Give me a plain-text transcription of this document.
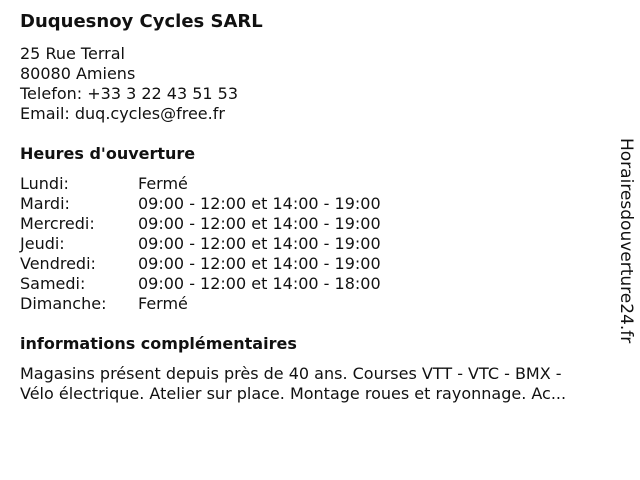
Duquesnoy Cycles SARL
25 Rue Terral
80080 Amiens
Telefon: +33 3 22 43 51 53
Email: duq.cycles@free.fr
Heures d'ouverture
Lundi:	Fermé
Mardi:	09:00 - 12:00 et 14:00 - 19:00
Mercredi:	09:00 - 12:00 et 14:00 - 19:00
Jeudi:	09:00 - 12:00 et 14:00 - 19:00
Vendredi:	09:00 - 12:00 et 14:00 - 19:00
Samedi:	09:00 - 12:00 et 14:00 - 18:00
Dimanche:	Fermé
informations complémentaires
Magasins présent depuis près de 40 ans. Courses VTT - VTC - BMX -
Vélo électrique. Atelier sur place. Montage roues et rayonnage. Ac...
Horairesdouverture24.fr
